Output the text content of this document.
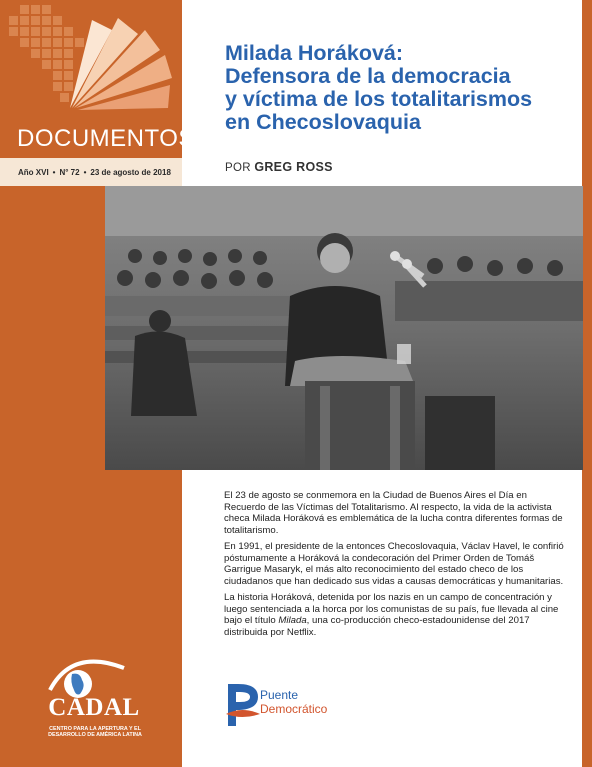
DOCUMENTOS
Año XVI • N° 72 • 23 de agosto de 2018
CADAL
CENTRO PARA LA APERTURA Y EL DESARROLLO DE AMÉRICA LATINA
Milada Horáková:
Defensora de la democracia
y víctima de los totalitarismos
en Checoslovaquia
POR GREG ROSS

El 23 de agosto se conmemora en la Ciudad de Buenos Aires el Día en Recuerdo de las Víctimas del Totalitarismo. Al respecto, la vida de la activista checa Milada Horáková es emblemática de la lucha contra diferentes formas de totalitarismo.

En 1991, el presidente de la entonces Checoslovaquia, Václav Havel, le confirió póstumamente a Horáková la condecoración del Primer Orden de Tomáš Garrigue Masaryk, el más alto reconocimiento del estado checo de los ciudadanos que han dedicado sus vidas a causas democráticas y humanitarias.

La historia Horáková, detenida por los nazis en un campo de concentración y luego sentenciada a la horca por los comunistas de su país, fue llevada al cine bajo el título Milada, una co-producción checo-estadounidense del 2017 distribuida por Netflix.

Puente
Democrático
